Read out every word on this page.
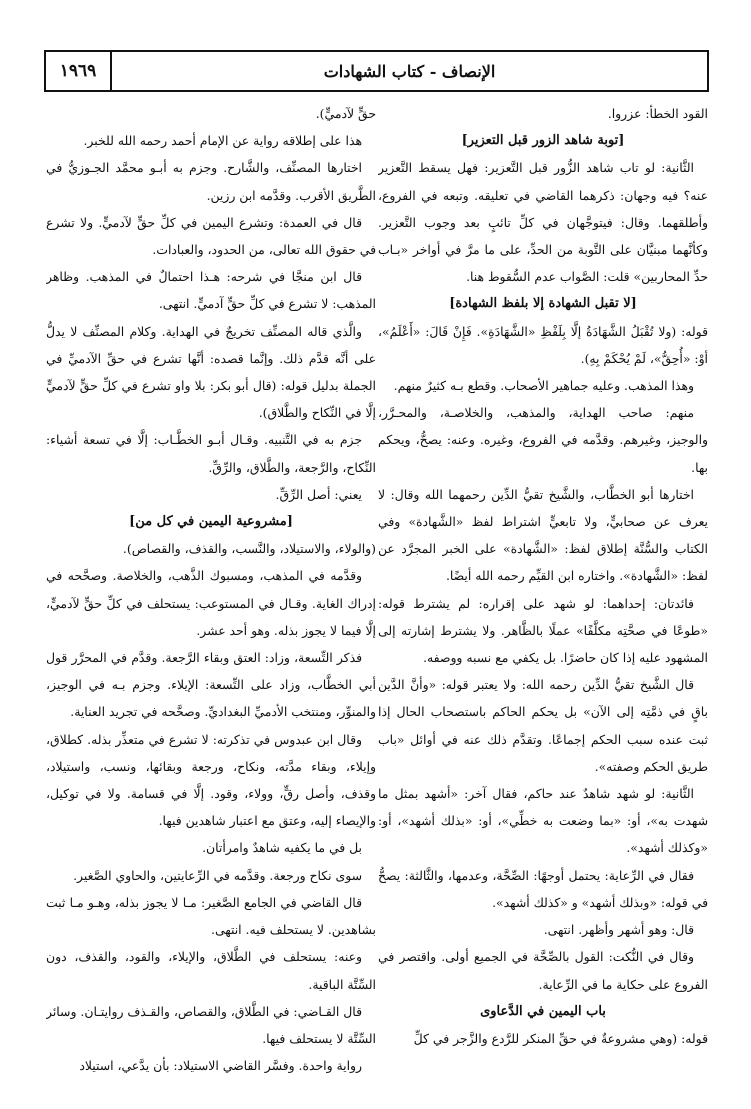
١٩٦٩	الإنصاف - كتاب الشهادات

القود الخطأ: عزروا.

[توبة شاهد الزور قبل التعزير]

الثَّانية: لو تاب شاهد الزُّور قبل التَّعزير: فهل يسقط التَّعزير عنه؟ فيه وجهان: ذكرهما القاضي في تعليقه. وتبعه في الفروع، وأطلقهما. وقال: فيتوجَّهان في كلِّ تائبٍ بعد وجوب التَّعزير. وكأنَّهما مبنيَّان على التَّوبة من الحدِّ، على ما مرَّ في أواخر «بـاب حدِّ المحاربين» قلت: الصَّواب عدم السُّقوط هنا.

[لا تقبل الشهادة إلا بلفظ الشهادة]

قوله: (ولا تُقْبَلُ الشَّهَادَةُ إلَّا بِلَفْظِ «الشَّهَادَةِ». فَإِنْ قَالَ: «أَعْلَمُ»، أوْ: «أُحِقُّ»، لَمْ يُحْكَمْ بِهِ).

وهذا المذهب. وعليه جماهير الأصحاب. وقطع بـه كثيرٌ منهم.

منهم: صاحب الهداية، والمذهب، والخلاصـة، والمحـرَّر، والوجيز، وغيرهم. وقدَّمه في الفروع، وغيره. وعنه: يصحُّ، ويحكم بها.

اختارها أبو الخطَّاب، والشَّيخ تقيُّ الدِّين رحمهما الله وقال: لا يعرف عن صحابيٍّ، ولا تابعيٍّ اشتراط لفظ «الشَّهادة» وفي الكتاب والسُّنَّة إطلاق لفظ: «الشَّهادة» على الخبر المجرَّد عن لفظ: «الشَّهادة». واختاره ابن القيِّم رحمه الله أيضًا.

فائدتان: إحداهما: لو شهد على إقراره: لم يشترط قوله: «طوعًا في صحَّتِه مكلَّفًا» عملًا بالظَّاهر. ولا يشترط إشارته إلى المشهود عليه إذا كان حاضرًا. بل يكفي مع نسبه ووصفه.

قال الشَّيخ تقيُّ الدِّين رحمه الله: ولا يعتبر قوله: «وأنَّ الدَّين باقٍ في ذمَّتِه إلى الآن» بل يحكم الحاكم باستصحاب الحال إذا ثبت عنده سبب الحكم إجماعًا. وتقدَّم ذلك عنه في أوائل «باب طريق الحكم وصفته».

الثَّانية: لو شهد شاهدٌ عند حاكم، فقال آخر: «أشهد بمثل ما شهدت به»، أو: «بما وضعت به خطِّي»، أو: «بذلك أشهد»، أو: «وكذلك أشهد».

فقال في الرِّعاية: يحتمل أوجهًا: الصِّحَّة، وعدمها، والثَّالثة: يصحُّ في قوله: «وبذلك أشهد» و «كذلك أشهد».

قال: وهو أشهر وأظهر. انتهى.

وقال في النُّكت: القول بالصِّحَّة في الجميع أولى. واقتصر في الفروع على حكاية ما في الرِّعاية.

باب اليمين في الدَّعاوى

قوله: (وهي مشروعةٌ في حقِّ المنكر للرَّدع والزَّجر في كلِّ

حقٍّ لآدميٍّ).

هذا على إطلاقه رواية عن الإمام أحمد رحمه الله للخبر.

اختارها المصنِّف، والشَّارح. وجزم به أبـو محمَّد الجـوزيُّ في الطَّريق الأقرب. وقدَّمه ابن رزين.

قال في العمدة: وتشرع اليمين في كلِّ حقٍّ لآدميٍّ. ولا تشرع في حقوق الله تعالى، من الحدود، والعبادات.

قال ابن منجَّا في شرحه: هـذا احتمالٌ في المذهب. وظاهر المذهب: لا تشرع في كلِّ حقٍّ آدميٍّ. انتهى.

والَّذي قاله المصنِّف تخريجٌ في الهداية. وكلام المصنِّف لا يدلُّ على أنَّه قدَّم ذلك. وإنَّما قصده: أنَّها تشرع في حقِّ الآدميِّ في الجملة بدليل قوله: (قال أبو بكر: بلا واو تشرع في كلِّ حقٍّ لآدميٍّ إلَّا في النِّكاح والطَّلاق).

جزم به في التَّنبيه. وقـال أبـو الخطَّـاب: إلَّا في تسعة أشياء: النِّكاح، والرَّجعة، والطَّلاق، والرِّقِّ.

يعني: أصل الرِّقِّ.

[مشروعية اليمين في كل من]

(والولاء، والاستيلاد، والنَّسب، والقذف، والقصاص).

وقدَّمه في المذهب، ومسبوك الذَّهب، والخلاصة. وصحَّحه في إدراك الغاية. وقـال في المستوعب: يستحلف في كلِّ حقٍّ لآدميٍّ، إلَّا فيما لا يجوز بذله. وهو أحد عشر.

فذكر التِّسعة، وزاد: العتق وبقاء الرَّجعة. وقدَّم في المحرَّر قول أبي الخطَّاب، وزاد على التِّسعة: الإيلاء. وجزم بـه في الوجيز، والمنوِّر، ومنتخب الأدميِّ البغداديِّ. وصحَّحه في تجريد العناية.

وقال ابن عبدوس في تذكرته: لا تشرع في متعذِّر بذله. كطلاق، وإيلاء، وبقاء مدَّته، ونكاح، ورجعة وبقائها، ونسب، واستيلاد، وقذف، وأصل رقٍّ، وولاء، وقود. إلَّا في قسامة. ولا في توكيل، والإيصاء إليه، وعتق مع اعتبار شاهدين فيها.

بل في ما يكفيه شاهدٌ وامرأتان.

سوى نكاح ورجعة. وقدَّمه في الرِّعايتين، والحاوي الصَّغير.

قال القاضي في الجامع الصَّغير: مـا لا يجوز بذله، وهـو مـا ثبت بشاهدين. لا يستحلف فيه. انتهى.

وعنه: يستحلف في الطَّلاق، والإيلاء، والقود، والقذف، دون السِّتَّة الباقية.

قال القـاضي: في الطَّلاق، والقصاص، والقـذف روايتـان. وسائر السِّتَّة لا يستحلف فيها.

رواية واحدة. وفسَّر القاضي الاستيلاد: بأن يدَّعي، استيلاد
